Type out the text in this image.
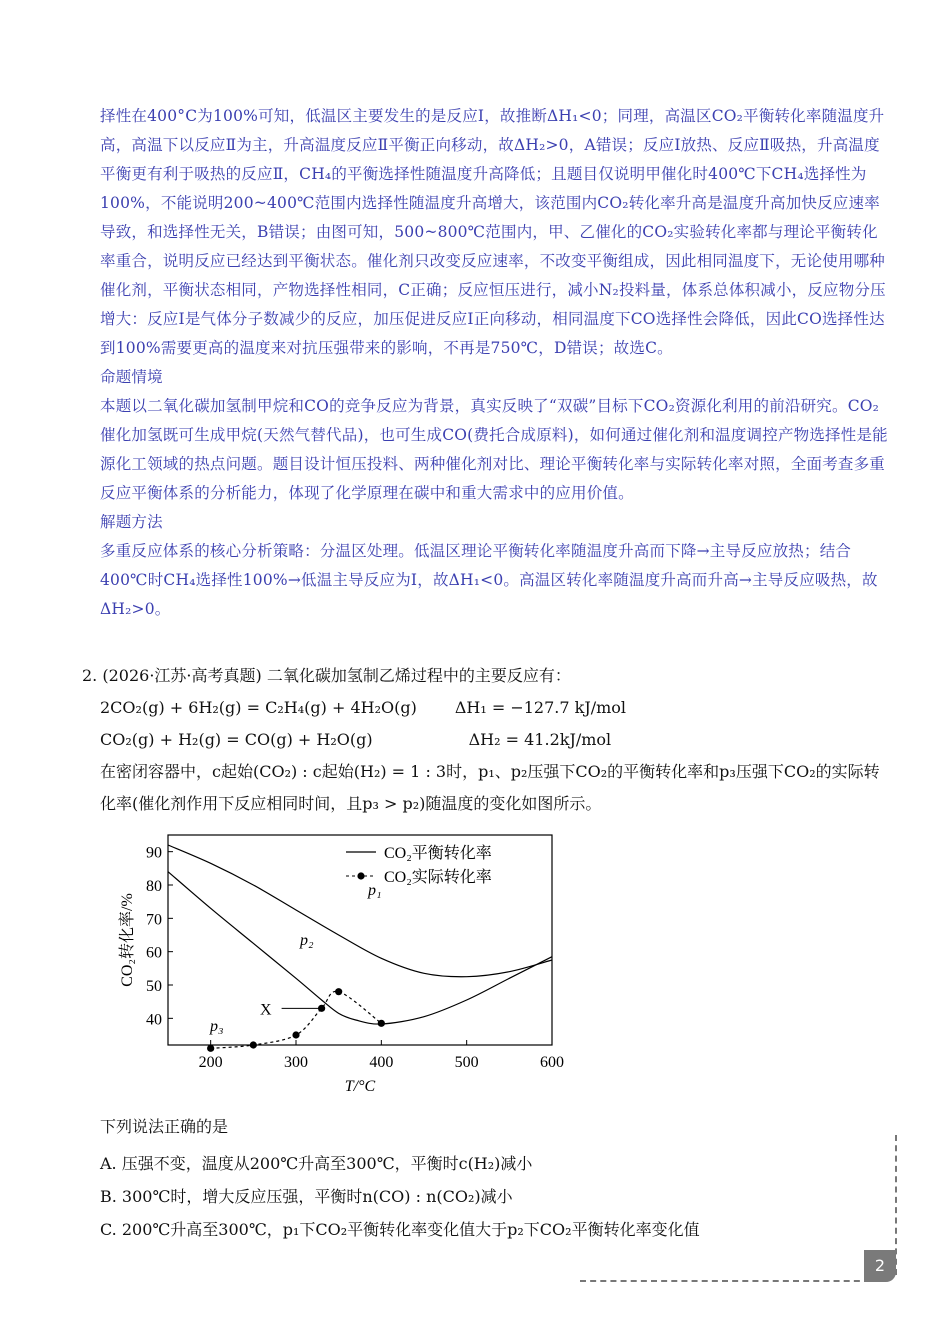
择性在400°C为100%可知，低温区主要发生的是反应Ⅰ，故推断ΔH₁<0；同理，高温区CO₂平衡转化率随温度升高，高温下以反应Ⅱ为主，升高温度反应Ⅱ平衡正向移动，故ΔH₂>0，A错误；反应Ⅰ放热、反应Ⅱ吸热，升高温度平衡更有利于吸热的反应Ⅱ，CH₄的平衡选择性随温度升高降低；且题目仅说明甲催化时400℃下CH₄选择性为100%，不能说明200~400℃范围内选择性随温度升高增大，该范围内CO₂转化率升高是温度升高加快反应速率导致，和选择性无关，B错误；由图可知，500~800℃范围内，甲、乙催化的CO₂实验转化率都与理论平衡转化率重合，说明反应已经达到平衡状态。催化剂只改变反应速率，不改变平衡组成，因此相同温度下，无论使用哪种催化剂，平衡状态相同，产物选择性相同，C正确；反应恒压进行，减小N₂投料量，体系总体积减小，反应物分压增大：反应Ⅰ是气体分子数减少的反应，加压促进反应Ⅰ正向移动，相同温度下CO选择性会降低，因此CO选择性达到100%需要更高的温度来对抗压强带来的影响，不再是750℃，D错误；故选C。

命题情境

本题以二氧化碳加氢制甲烷和CO的竞争反应为背景，真实反映了“双碳”目标下CO₂资源化利用的前沿研究。CO₂催化加氢既可生成甲烷(天然气替代品)，也可生成CO(费托合成原料)，如何通过催化剂和温度调控产物选择性是能源化工领域的热点问题。题目设计恒压投料、两种催化剂对比、理论平衡转化率与实际转化率对照，全面考查多重反应平衡体系的分析能力，体现了化学原理在碳中和重大需求中的应用价值。

解题方法

多重反应体系的核心分析策略：分温区处理。低温区理论平衡转化率随温度升高而下降→主导反应放热；结合400℃时CH₄选择性100%→低温主导反应为Ⅰ，故ΔH₁<0。高温区转化率随温度升高而升高→主导反应吸热，故ΔH₂>0。

2. (2026·江苏·高考真题) 二氧化碳加氢制乙烯过程中的主要反应有：

2CO₂(g) + 6H₂(g) = C₂H₄(g) + 4H₂O(g) ΔH₁ = −127.7 kJ/mol

CO₂(g) + H₂(g) = CO(g) + H₂O(g)	ΔH₂ = 41.2kJ/mol

在密闭容器中，c起始(CO₂) : c起始(H₂) = 1 : 3时，p₁、p₂压强下CO₂的平衡转化率和p₃压强下CO₂的实际转化率(催化剂作用下反应相同时间，且p₃ > p₂)随温度的变化如图所示。

200	300	400	500	600
40
50
60
70
80
90
T/°C
CO₂转化率/%
p₁
p₂
p₃
X
CO₂平衡转化率
CO₂实际转化率

下列说法正确的是

A. 压强不变，温度从200℃升高至300℃，平衡时c(H₂)减小

B. 300℃时，增大反应压强，平衡时n(CO) : n(CO₂)减小

C. 200℃升高至300℃，p₁下CO₂平衡转化率变化值大于p₂下CO₂平衡转化率变化值

2
